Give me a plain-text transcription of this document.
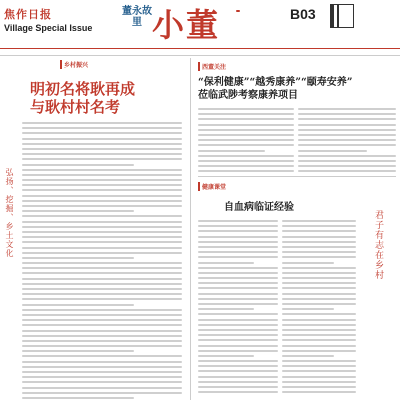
焦作日报
Village Special Issue
董永故里 小董	B03
乡村振兴
明初名将耿再成
与耿村村名考
弘扬、挖掘、乡土文化
西董关注
“保利健康”“越秀康养”“颐寿安养”
莅临武陟考察康养项目
健康课堂
自血病临证经验
君子有志在乡村
